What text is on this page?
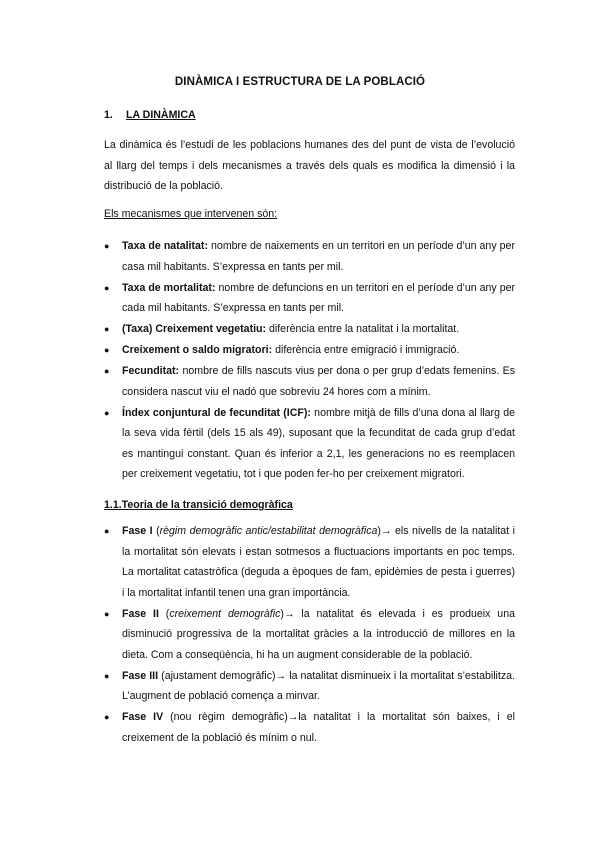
DINÀMICA I ESTRUCTURA DE LA POBLACIÓ
1. LA DINÀMICA
La dinàmica és l’estudi de les poblacions humanes des del punt de vista de l’evolució al llarg del temps i dels mecanismes a través dels quals es modifica la dimensió i la distribució de la població.
Els mecanismes que intervenen són:
● Taxa de natalitat: nombre de naixements en un territori en un període d’un any per casa mil habitants. S’expressa en tants per mil.
● Taxa de mortalitat: nombre de defuncions en un territori en el període d’un any per cada mil habitants. S’expressa en tants per mil.
● (Taxa) Creixement vegetatiu: diferència entre la natalitat i la mortalitat.
● Creixement o saldo migratori: diferència entre emigració i immigració.
● Fecunditat: nombre de fills nascuts vius per dona o per grup d’edats femenins. Es considera nascut viu el nadó que sobreviu 24 hores com a mínim.
● Índex conjuntural de fecunditat (ICF): nombre mitjà de fills d’una dona al llarg de la seva vida fèrtil (dels 15 als 49), suposant que la fecunditat de cada grup d’edat es mantingui constant. Quan és inferior a 2,1, les generacions no es reemplacen per creixement vegetatiu, tot i que poden fer-ho per creixement migratori.
1.1.Teoria de la transició demogràfica
● Fase I (règim demogràfic antic/estabilitat demogràfica)→ els nivells de la natalitat i la mortalitat són elevats i estan sotmesos a fluctuacions importants en poc temps. La mortalitat catastròfica (deguda a èpoques de fam, epidèmies de pesta i guerres) i la mortalitat infantil tenen una gran importància.
● Fase II (creixement demogràfic)→ la natalitat és elevada i es produeix una disminució progressiva de la mortalitat gràcies a la introducció de millores en la dieta. Com a conseqüència, hi ha un augment considerable de la població.
● Fase III (ajustament demogràfic)→ la natalitat disminueix i la mortalitat s’estabilitza. L’augment de població comença a minvar.
● Fase IV (nou règim demogràfic)→la natalitat i la mortalitat són baixes, i el creixement de la població és mínim o nul.
